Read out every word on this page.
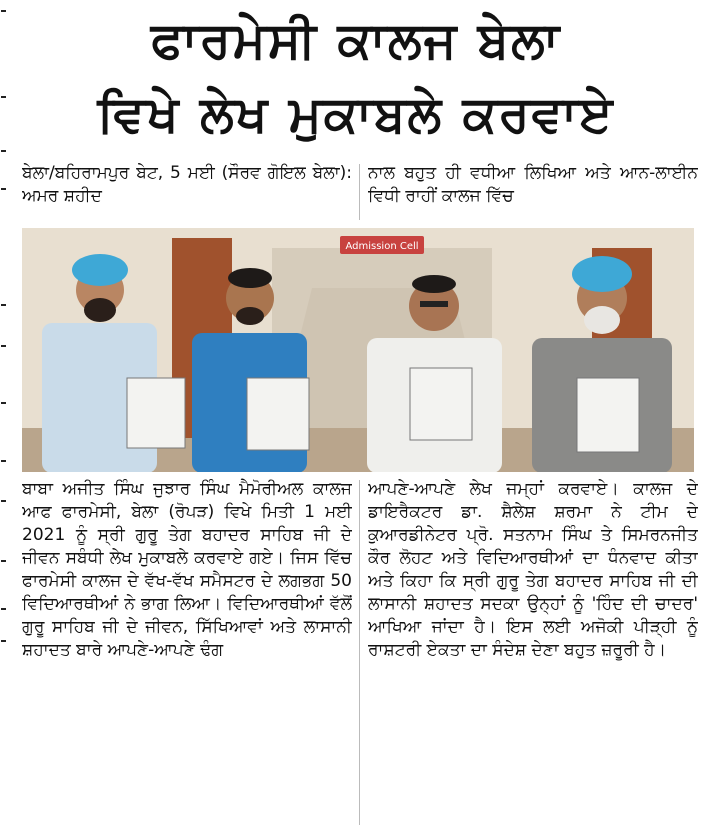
ਫਾਰਮੇਸੀ ਕਾਲਜ ਬੇਲਾ
ਵਿਖੇ ਲੇਖ ਮੁਕਾਬਲੇ ਕਰਵਾਏ
ਬੇਲਾ/ਬਹਿਰਾਮਪੁਰ ਬੇਟ, 5 ਮਈ (ਸੌਰਵ ਗੋਇਲ ਬੇਲਾ): ਅਮਰ ਸ਼ਹੀਦ
ਨਾਲ ਬਹੁਤ ਹੀ ਵਧੀਆ ਲਿਖਿਆ ਅਤੇ ਆਨ-ਲਾਈਨ ਵਿਧੀ ਰਾਹੀਂ ਕਾਲਜ ਵਿੱਚ
Admission Cell
ਬਾਬਾ ਅਜੀਤ ਸਿੰਘ ਜੁਝਾਰ ਸਿੰਘ ਮੈਮੋਰੀਅਲ ਕਾਲਜ ਆਫ ਫਾਰਮੇਸੀ, ਬੇਲਾ (ਰੋਪੜ) ਵਿਖੇ ਮਿਤੀ 1 ਮਈ 2021 ਨੂੰ ਸ੍ਰੀ ਗੁਰੂ ਤੇਗ ਬਹਾਦਰ ਸਾਹਿਬ ਜੀ ਦੇ ਜੀਵਨ ਸਬੰਧੀ ਲੇਖ ਮੁਕਾਬਲੇ ਕਰਵਾਏ ਗਏ। ਜਿਸ ਵਿੱਚ ਫਾਰਮੇਸੀ ਕਾਲਜ ਦੇ ਵੱਖ-ਵੱਖ ਸਮੈਸਟਰ ਦੇ ਲਗਭਗ 50 ਵਿਦਿਆਰਥੀਆਂ ਨੇ ਭਾਗ ਲਿਆ। ਵਿਦਿਆਰਥੀਆਂ ਵੱਲੋਂ ਗੁਰੂ ਸਾਹਿਬ ਜੀ ਦੇ ਜੀਵਨ, ਸਿੱਖਿਆਵਾਂ ਅਤੇ ਲਾਸਾਨੀ ਸ਼ਹਾਦਤ ਬਾਰੇ ਆਪਣੇ-ਆਪਣੇ ਢੰਗ
ਆਪਣੇ-ਆਪਣੇ ਲੇਖ ਜਮ੍ਹਾਂ ਕਰਵਾਏ। ਕਾਲਜ ਦੇ ਡਾਇਰੈਕਟਰ ਡਾ. ਸ਼ੈਲੇਸ਼ ਸ਼ਰਮਾ ਨੇ ਟੀਮ ਦੇ ਕੁਆਰਡੀਨੇਟਰ ਪ੍ਰੋ. ਸਤਨਾਮ ਸਿੰਘ ਤੇ ਸਿਮਰਨਜੀਤ ਕੌਰ ਲੋਹਟ ਅਤੇ ਵਿਦਿਆਰਥੀਆਂ ਦਾ ਧੰਨਵਾਦ ਕੀਤਾ ਅਤੇ ਕਿਹਾ ਕਿ ਸ੍ਰੀ ਗੁਰੂ ਤੇਗ ਬਹਾਦਰ ਸਾਹਿਬ ਜੀ ਦੀ ਲਾਸਾਨੀ ਸ਼ਹਾਦਤ ਸਦਕਾ ਉਨ੍ਹਾਂ ਨੂੰ 'ਹਿੰਦ ਦੀ ਚਾਦਰ' ਆਖਿਆ ਜਾਂਦਾ ਹੈ। ਇਸ ਲਈ ਅਜੋਕੀ ਪੀੜ੍ਹੀ ਨੂੰ ਰਾਸ਼ਟਰੀ ਏਕਤਾ ਦਾ ਸੰਦੇਸ਼ ਦੇਣਾ ਬਹੁਤ ਜ਼ਰੂਰੀ ਹੈ।
